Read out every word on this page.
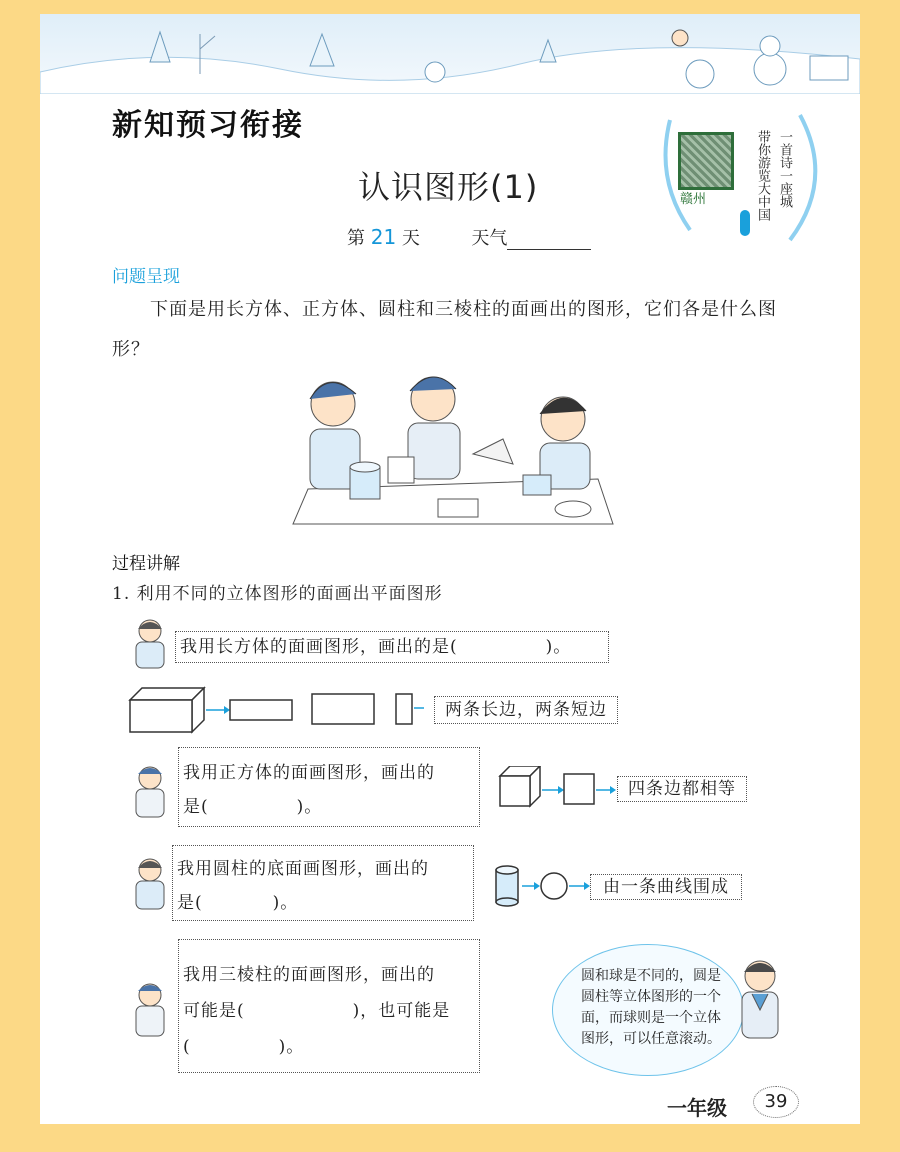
新知预习衔接
认识图形(1)
第 21 天	天气
赣州	一首诗一座城
带你游览大中国
问题呈现
下面是用长方体、正方体、圆柱和三棱柱的面画出的图形，它们各是什么图形？
过程讲解
1. 利用不同的立体图形的面画出平面图形
我用长方体的面画图形，画出的是(	)。
两条长边，两条短边
我用正方体的面画图形，画出的
是(	)。
四条边都相等
我用圆柱的底面画图形，画出的
是(	)。
由一条曲线围成
我用三棱柱的面画图形，画出的
可能是(	)，也可能是
(	)。
圆和球是不同的，圆是圆柱等立体图形的一个面，而球则是一个立体图形，可以任意滚动。
一年级	39
